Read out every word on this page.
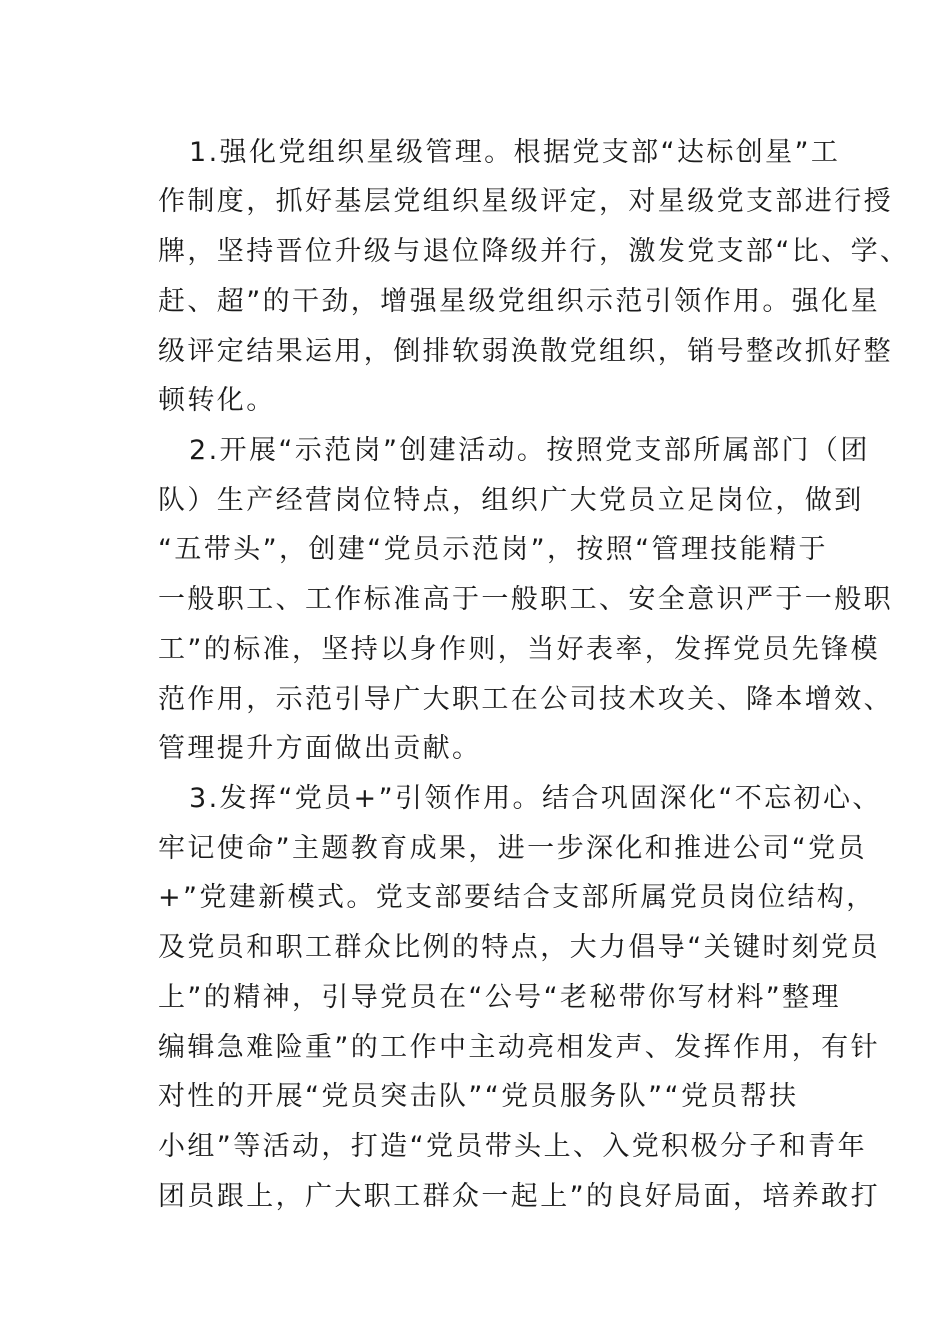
1.强化党组织星级管理。根据党支部“达标创星”工

作制度，抓好基层党组织星级评定，对星级党支部进行授

牌，坚持晋位升级与退位降级并行，激发党支部“比、学、

赶、超”的干劲，增强星级党组织示范引领作用。强化星

级评定结果运用，倒排软弱涣散党组织，销号整改抓好整

顿转化。

2.开展“示范岗”创建活动。按照党支部所属部门（团

队）生产经营岗位特点，组织广大党员立足岗位，做到

“五带头”，创建“党员示范岗”，按照“管理技能精于

一般职工、工作标准高于一般职工、安全意识严于一般职

工”的标准，坚持以身作则，当好表率，发挥党员先锋模

范作用，示范引导广大职工在公司技术攻关、降本增效、

管理提升方面做出贡献。

3.发挥“党员+”引领作用。结合巩固深化“不忘初心、

牢记使命”主题教育成果，进一步深化和推进公司“党员

+”党建新模式。党支部要结合支部所属党员岗位结构，

及党员和职工群众比例的特点，大力倡导“关键时刻党员

上”的精神，引导党员在“公号“老秘带你写材料”整理

编辑急难险重”的工作中主动亮相发声、发挥作用，有针

对性的开展“党员突击队”“党员服务队”“党员帮扶

小组”等活动，打造“党员带头上、入党积极分子和青年

团员跟上，广大职工群众一起上”的良好局面，培养敢打
